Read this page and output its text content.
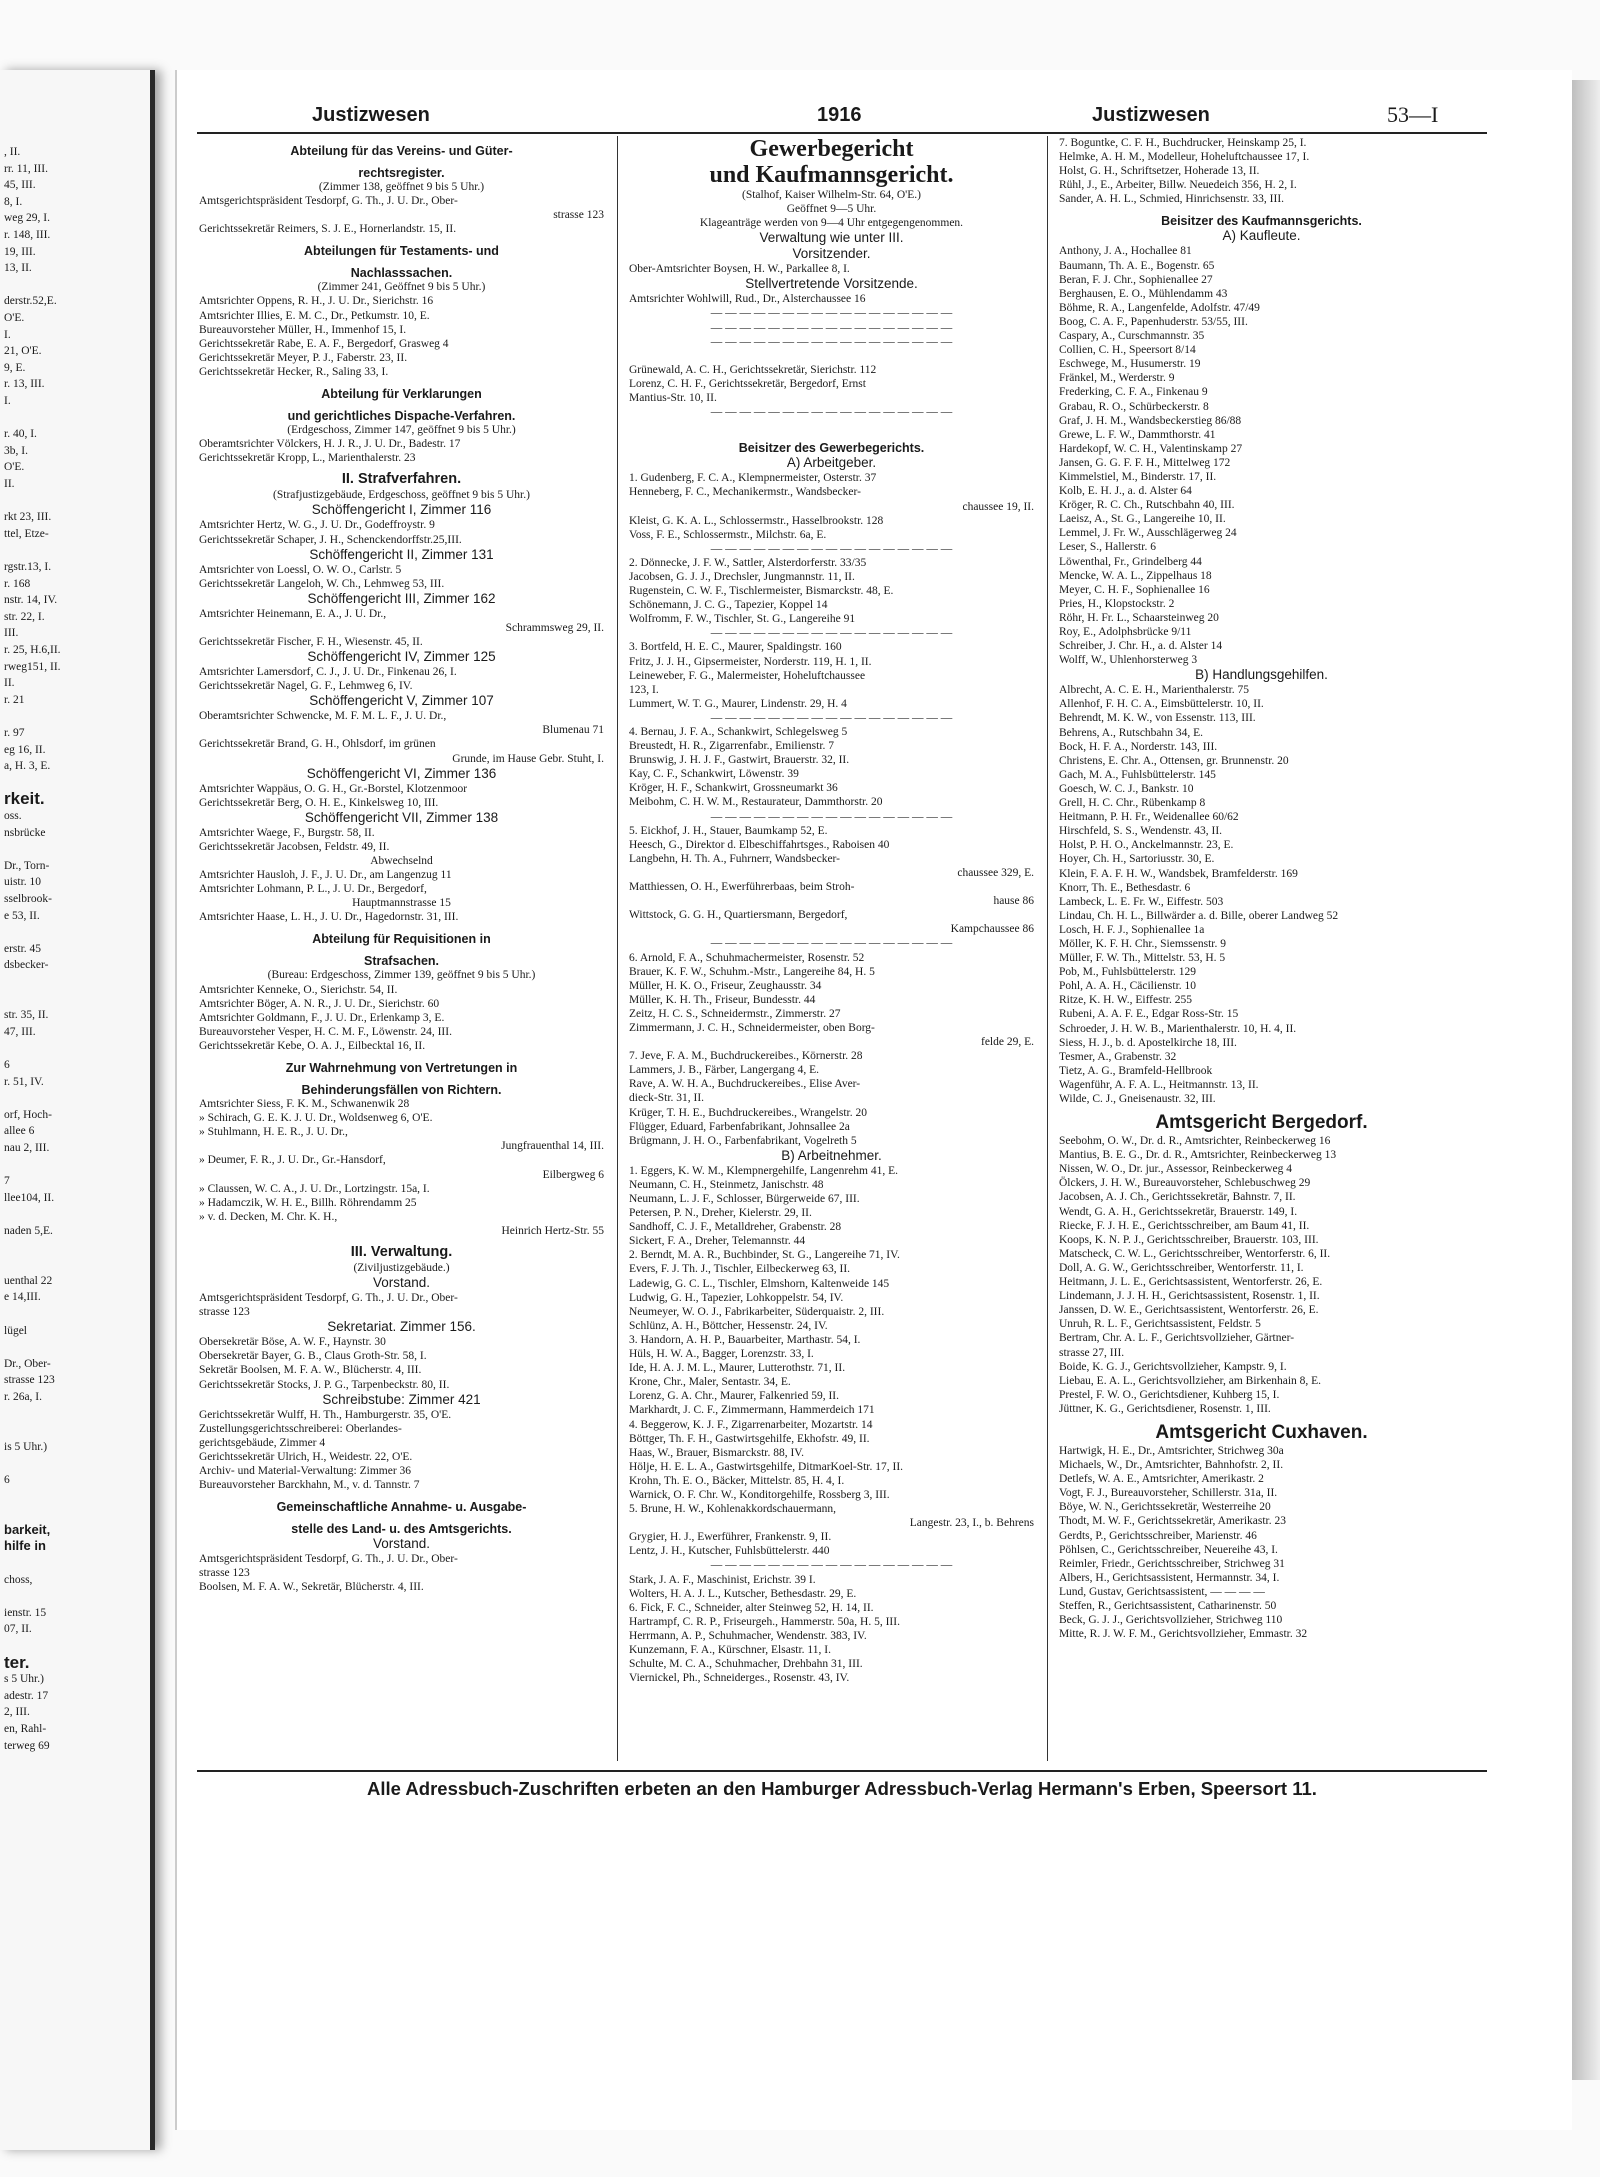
, II.
rr. 11, III.
45, III.
8, I.
weg 29, I.
r. 148, III.
19, III.
13, II.
derstr.52,E.
O'E.
I.
21, O'E.
9, E.
r. 13, III.
I.
r. 40, I.
3b, I.
O'E.
II.
rkt 23, III.
ttel, Etze-
rgstr.13, I.
r. 168
nstr. 14, IV.
str. 22, I.
III.
r. 25, H.6,II.
rweg151, II.
II.
r. 21
r. 97
eg 16, II.
a, H. 3, E.
rkeit.
oss.
nsbrücke
Dr., Torn-
uistr. 10
sselbrook-
e 53, II.
erstr. 45
dsbecker-
str. 35, II.
47, III.
6
r. 51, IV.
orf, Hoch-
allee 6
nau 2, III.
7
llee104, II.
naden 5,E.
uenthal 22
e 14,III.
lügel
Dr., Ober-
strasse 123
r. 26a, I.
is 5 Uhr.)
6
barkeit,
hilfe in
choss,
ienstr. 15
07, II.
ter.
s 5 Uhr.)
adestr. 17
2, III.
en, Rahl-
terweg 69
Justizwesen	1916	Justizwesen	53—I
Abteilung für das Vereins- und Güter-
rechtsregister.
(Zimmer 138, geöffnet 9 bis 5 Uhr.)
Amtsgerichtspräsident Tesdorpf, G. Th., J. U. Dr., Ober-
strasse 123
Gerichtssekretär Reimers, S. J. E., Hornerlandstr. 15, II.
Abteilungen für Testaments- und
Nachlasssachen.
(Zimmer 241, Geöffnet 9 bis 5 Uhr.)
Amtsrichter Oppens, R. H., J. U. Dr., Sierichstr. 16
Amtsrichter Illies, E. M. C., Dr., Petkumstr. 10, E.
Bureauvorsteher Müller, H., Immenhof 15, I.
Gerichtssekretär Rabe, E. A. F., Bergedorf, Grasweg 4
Gerichtssekretär Meyer, P. J., Faberstr. 23, II.
Gerichtssekretär Hecker, R., Saling 33, I.
Abteilung für Verklarungen
und gerichtliches Dispache-Verfahren.
(Erdgeschoss, Zimmer 147, geöffnet 9 bis 5 Uhr.)
Oberamtsrichter Völckers, H. J. R., J. U. Dr., Badestr. 17
Gerichtssekretär Kropp, L., Marienthalerstr. 23
II. Strafverfahren.
(Strafjustizgebäude, Erdgeschoss, geöffnet 9 bis 5 Uhr.)
Schöffengericht I, Zimmer 116
Amtsrichter Hertz, W. G., J. U. Dr., Godeffroystr. 9
Gerichtssekretär Schaper, J. H., Schenckendorffstr.25,III.
Schöffengericht II, Zimmer 131
Amtsrichter von Loessl, O. W. O., Carlstr. 5
Gerichtssekretär Langeloh, W. Ch., Lehmweg 53, III.
Schöffengericht III, Zimmer 162
Amtsrichter Heinemann, E. A., J. U. Dr.,
Schrammsweg 29, II.
Gerichtssekretär Fischer, F. H., Wiesenstr. 45, II.
Schöffengericht IV, Zimmer 125
Amtsrichter Lamersdorf, C. J., J. U. Dr., Finkenau 26, I.
Gerichtssekretär Nagel, G. F., Lehmweg 6, IV.
Schöffengericht V, Zimmer 107
Oberamtsrichter Schwencke, M. F. M. L. F., J. U. Dr.,
Blumenau 71
Gerichtssekretär Brand, G. H., Ohlsdorf, im grünen
Grunde, im Hause Gebr. Stuht, I.
Schöffengericht VI, Zimmer 136
Amtsrichter Wappäus, O. G. H., Gr.-Borstel, Klotzenmoor
Gerichtssekretär Berg, O. H. E., Kinkelsweg 10, III.
Schöffengericht VII, Zimmer 138
Amtsrichter Waege, F., Burgstr. 58, II.
Gerichtssekretär Jacobsen, Feldstr. 49, II.
Abwechselnd
Amtsrichter Hausloh, J. F., J. U. Dr., am Langenzug 11
Amtsrichter Lohmann, P. L., J. U. Dr., Bergedorf,
Hauptmannstrasse 15
Amtsrichter Haase, L. H., J. U. Dr., Hagedornstr. 31, III.
Abteilung für Requisitionen in
Strafsachen.
(Bureau: Erdgeschoss, Zimmer 139, geöffnet 9 bis 5 Uhr.)
Amtsrichter Kenneke, O., Sierichstr. 54, II.
Amtsrichter Böger, A. N. R., J. U. Dr., Sierichstr. 60
Amtsrichter Goldmann, F., J. U. Dr., Erlenkamp 3, E.
Bureauvorsteher Vesper, H. C. M. F., Löwenstr. 24, III.
Gerichtssekretär Kebe, O. A. J., Eilbecktal 16, II.
Zur Wahrnehmung von Vertretungen in
Behinderungsfällen von Richtern.
Amtsrichter Siess, F. K. M., Schwanenwik 28
» Schirach, G. E. K. J. U. Dr., Woldsenweg 6, O'E.
» Stuhlmann, H. E. R., J. U. Dr.,
Jungfrauenthal 14, III.
» Deumer, F. R., J. U. Dr., Gr.-Hansdorf,
Eilbergweg 6
» Claussen, W. C. A., J. U. Dr., Lortzingstr. 15a, I.
» Hadamczik, W. H. E., Billh. Röhrendamm 25
» v. d. Decken, M. Chr. K. H.,
Heinrich Hertz-Str. 55
III. Verwaltung.
(Ziviljustizgebäude.)
Vorstand.
Amtsgerichtspräsident Tesdorpf, G. Th., J. U. Dr., Ober-
strasse 123
Sekretariat. Zimmer 156.
Obersekretär Böse, A. W. F., Haynstr. 30
Obersekretär Bayer, G. B., Claus Groth-Str. 58, I.
Sekretär Boolsen, M. F. A. W., Blücherstr. 4, III.
Gerichtssekretär Stocks, J. P. G., Tarpenbeckstr. 80, II.
Schreibstube: Zimmer 421
Gerichtssekretär Wulff, H. Th., Hamburgerstr. 35, O'E.
Zustellungsgerichtsschreiberei: Oberlandes-
gerichtsgebäude, Zimmer 4
Gerichtssekretär Ulrich, H., Weidestr. 22, O'E.
Archiv- und Material-Verwaltung: Zimmer 36
Bureauvorsteher Barckhahn, M., v. d. Tannstr. 7
Gemeinschaftliche Annahme- u. Ausgabe-
stelle des Land- u. des Amtsgerichts.
Vorstand.
Amtsgerichtspräsident Tesdorpf, G. Th., J. U. Dr., Ober-
strasse 123
Boolsen, M. F. A. W., Sekretär, Blücherstr. 4, III.
Gewerbegericht
und Kaufmannsgericht.
(Stalhof, Kaiser Wilhelm-Str. 64, O'E.)
Geöffnet 9—5 Uhr.
Klageanträge werden von 9—4 Uhr entgegengenommen.
Verwaltung wie unter III.
Vorsitzender.
Ober-Amtsrichter Boysen, H. W., Parkallee 8, I.
Stellvertretende Vorsitzende.
Amtsrichter Wohlwill, Rud., Dr., Alsterchaussee 16
— — — — — — — — — — — — — — — — —
— — — — — — — — — — — — — — — — —
— — — — — — — — — — — — — — — — —

Grünewald, A. C. H., Gerichtssekretär, Sierichstr. 112
Lorenz, C. H. F., Gerichtssekretär, Bergedorf, Ernst
Mantius-Str. 10, II.
— — — — — — — — — — — — — — — — —

Beisitzer des Gewerbegerichts.
A) Arbeitgeber.
1. Gudenberg, F. C. A., Klempnermeister, Osterstr. 37
Henneberg, F. C., Mechanikermstr., Wandsbecker-
chaussee 19, II.
Kleist, G. K. A. L., Schlossermstr., Hasselbrookstr. 128
Voss, F. E., Schlossermstr., Milchstr. 6a, E.
— — — — — — — — — — — — — — — — —
2. Dönnecke, J. F. W., Sattler, Alsterdorferstr. 33/35
Jacobsen, G. J. J., Drechsler, Jungmannstr. 11, II.
Rugenstein, C. W. F., Tischlermeister, Bismarckstr. 48, E.
Schönemann, J. C. G., Tapezier, Koppel 14
Wolfromm, F. W., Tischler, St. G., Langereihe 91
— — — — — — — — — — — — — — — — —
3. Bortfeld, H. E. C., Maurer, Spaldingstr. 160
Fritz, J. J. H., Gipsermeister, Norderstr. 119, H. 1, II.
Leineweber, F. G., Malermeister, Hoheluftchaussee
123, I.
Lummert, W. T. G., Maurer, Lindenstr. 29, H. 4
— — — — — — — — — — — — — — — — —
4. Bernau, J. F. A., Schankwirt, Schlegelsweg 5
Breustedt, H. R., Zigarrenfabr., Emilienstr. 7
Brunswig, J. H. J. F., Gastwirt, Brauerstr. 32, II.
Kay, C. F., Schankwirt, Löwenstr. 39
Kröger, H. F., Schankwirt, Grossneumarkt 36
Meibohm, C. H. W. M., Restaurateur, Dammthorstr. 20
— — — — — — — — — — — — — — — — —
5. Eickhof, J. H., Stauer, Baumkamp 52, E.
Heesch, G., Direktor d. Elbeschiffahrtsges., Raboisen 40
Langbehn, H. Th. A., Fuhrnerr, Wandsbecker-
chaussee 329, E.
Matthiessen, O. H., Ewerführerbaas, beim Stroh-
hause 86
Wittstock, G. G. H., Quartiersmann, Bergedorf,
Kampchaussee 86
— — — — — — — — — — — — — — — — —
6. Arnold, F. A., Schuhmachermeister, Rosenstr. 52
Brauer, K. F. W., Schuhm.-Mstr., Langereihe 84, H. 5
Müller, H. K. O., Friseur, Zeughausstr. 34
Müller, K. H. Th., Friseur, Bundesstr. 44
Zeitz, H. C. S., Schneidermstr., Zimmerstr. 27
Zimmermann, J. C. H., Schneidermeister, oben Borg-
felde 29, E.
7. Jeve, F. A. M., Buchdruckereibes., Körnerstr. 28
Lammers, J. B., Färber, Langergang 4, E.
Rave, A. W. H. A., Buchdruckereibes., Elise Aver-
dieck-Str. 31, II.
Krüger, T. H. E., Buchdruckereibes., Wrangelstr. 20
Flügger, Eduard, Farbenfabrikant, Johnsallee 2a
Brügmann, J. H. O., Farbenfabrikant, Vogelreth 5
B) Arbeitnehmer.
1. Eggers, K. W. M., Klempnergehilfe, Langenrehm 41, E.
Neumann, C. H., Steinmetz, Janischstr. 48
Neumann, L. J. F., Schlosser, Bürgerweide 67, III.
Petersen, P. N., Dreher, Kielerstr. 29, II.
Sandhoff, C. J. F., Metalldreher, Grabenstr. 28
Sickert, F. A., Dreher, Telemannstr. 44
2. Berndt, M. A. R., Buchbinder, St. G., Langereihe 71, IV.
Evers, F. J. Th. J., Tischler, Eilbeckerweg 63, II.
Ladewig, G. C. L., Tischler, Elmshorn, Kaltenweide 145
Ludwig, G. H., Tapezier, Lohkoppelstr. 54, IV.
Neumeyer, W. O. J., Fabrikarbeiter, Süderquaistr. 2, III.
Schlünz, A. H., Böttcher, Hessenstr. 24, IV.
3. Handorn, A. H. P., Bauarbeiter, Marthastr. 54, I.
Hüls, H. W. A., Bagger, Lorenzstr. 33, I.
Ide, H. A. J. M. L., Maurer, Lutterothstr. 71, II.
Krone, Chr., Maler, Sentastr. 34, E.
Lorenz, G. A. Chr., Maurer, Falkenried 59, II.
Markhardt, J. C. F., Zimmermann, Hammerdeich 171
4. Beggerow, K. J. F., Zigarrenarbeiter, Mozartstr. 14
Böttger, Th. F. H., Gastwirtsgehilfe, Ekhofstr. 49, II.
Haas, W., Brauer, Bismarckstr. 88, IV.
Hölje, H. E. L. A., Gastwirtsgehilfe, DitmarKoel-Str. 17, II.
Krohn, Th. E. O., Bäcker, Mittelstr. 85, H. 4, I.
Warnick, O. F. Chr. W., Konditorgehilfe, Rossberg 3, III.
5. Brune, H. W., Kohlenakkordschauermann,
Langestr. 23, I., b. Behrens
Grygier, H. J., Ewerführer, Frankenstr. 9, II.
Lentz, J. H., Kutscher, Fuhlsbüttelerstr. 440
— — — — — — — — — — — — — — — — —
Stark, J. A. F., Maschinist, Erichstr. 39 I.
Wolters, H. A. J. L., Kutscher, Bethesdastr. 29, E.
6. Fick, F. C., Schneider, alter Steinweg 52, H. 14, II.
Hartrampf, C. R. P., Friseurgeh., Hammerstr. 50a, H. 5, III.
Herrmann, A. P., Schuhmacher, Wendenstr. 383, IV.
Kunzemann, F. A., Kürschner, Elsastr. 11, I.
Schulte, M. C. A., Schuhmacher, Drehbahn 31, III.
Viernickel, Ph., Schneiderges., Rosenstr. 43, IV.
7. Boguntke, C. F. H., Buchdrucker, Heinskamp 25, I.
Helmke, A. H. M., Modelleur, Hoheluftchaussee 17, I.
Holst, G. H., Schriftsetzer, Hoherade 13, II.
Rühl, J., E., Arbeiter, Billw. Neuedeich 356, H. 2, I.
Sander, A. H. L., Schmied, Hinrichsenstr. 33, III.
Beisitzer des Kaufmannsgerichts.
A) Kaufleute.
Anthony, J. A., Hochallee 81
Baumann, Th. A. E., Bogenstr. 65
Beran, F. J. Chr., Sophienallee 27
Berghausen, E. O., Mühlendamm 43
Böhme, R. A., Langenfelde, Adolfstr. 47/49
Boog, C. A. F., Papenhuderstr. 53/55, III.
Caspary, A., Curschmannstr. 35
Collien, C. H., Speersort 8/14
Eschwege, M., Husumerstr. 19
Fränkel, M., Werderstr. 9
Frederking, C. F. A., Finkenau 9
Grabau, R. O., Schürbeckerstr. 8
Graf, J. H. M., Wandsbeckerstieg 86/88
Grewe, L. F. W., Dammthorstr. 41
Hardekopf, W. C. H., Valentinskamp 27
Jansen, G. G. F. F. H., Mittelweg 172
Kimmelstiel, M., Binderstr. 17, II.
Kolb, E. H. J., a. d. Alster 64
Kröger, R. C. Ch., Rutschbahn 40, III.
Laeisz, A., St. G., Langereihe 10, II.
Lemmel, J. Fr. W., Ausschlägerweg 24
Leser, S., Hallerstr. 6
Löwenthal, Fr., Grindelberg 44
Mencke, W. A. L., Zippelhaus 18
Meyer, C. H. F., Sophienallee 16
Pries, H., Klopstockstr. 2
Röhr, H. Fr. L., Schaarsteinweg 20
Roy, E., Adolphsbrücke 9/11
Schreiber, J. Chr. H., a. d. Alster 14
Wolff, W., Uhlenhorsterweg 3
B) Handlungsgehilfen.
Albrecht, A. C. E. H., Marienthalerstr. 75
Allenhof, F. H. C. A., Eimsbüttelerstr. 10, II.
Behrendt, M. K. W., von Essenstr. 113, III.
Behrens, A., Rutschbahn 34, E.
Bock, H. F. A., Norderstr. 143, III.
Christens, E. Chr. A., Ottensen, gr. Brunnenstr. 20
Gach, M. A., Fuhlsbüttelerstr. 145
Goesch, W. C. J., Bankstr. 10
Grell, H. C. Chr., Rübenkamp 8
Heitmann, P. H. Fr., Weidenallee 60/62
Hirschfeld, S. S., Wendenstr. 43, II.
Holst, P. H. O., Anckelmannstr. 23, E.
Hoyer, Ch. H., Sartoriusstr. 30, E.
Klein, F. A. F. H. W., Wandsbek, Bramfelderstr. 169
Knorr, Th. E., Bethesdastr. 6
Lambeck, L. E. Fr. W., Eiffestr. 503
Lindau, Ch. H. L., Billwärder a. d. Bille, oberer Landweg 52
Losch, H. F. J., Sophienallee 1a
Möller, K. F. H. Chr., Siemssenstr. 9
Müller, F. W. Th., Mittelstr. 53, H. 5
Pob, M., Fuhlsbüttelerstr. 129
Pohl, A. A. H., Cäcilienstr. 10
Ritze, K. H. W., Eiffestr. 255
Rubeni, A. A. F. E., Edgar Ross-Str. 15
Schroeder, J. H. W. B., Marienthalerstr. 10, H. 4, II.
Siess, H. J., b. d. Apostelkirche 18, III.
Tesmer, A., Grabenstr. 32
Tietz, A. G., Bramfeld-Hellbrook
Wagenführ, A. F. A. L., Heitmannstr. 13, II.
Wilde, C. J., Gneisenaustr. 32, III.
Amtsgericht Bergedorf.
Seebohm, O. W., Dr. d. R., Amtsrichter, Reinbeckerweg 16
Mantius, B. E. G., Dr. d. R., Amtsrichter, Reinbeckerweg 13
Nissen, W. O., Dr. jur., Assessor, Reinbeckerweg 4
Ölckers, J. H. W., Bureauvorsteher, Schlebuschweg 29
Jacobsen, A. J. Ch., Gerichtssekretär, Bahnstr. 7, II.
Wendt, G. A. H., Gerichtssekretär, Brauerstr. 149, I.
Riecke, F. J. H. E., Gerichtsschreiber, am Baum 41, II.
Koops, K. N. P. J., Gerichtsschreiber, Brauerstr. 103, III.
Matscheck, C. W. L., Gerichtsschreiber, Wentorferstr. 6, II.
Doll, A. G. W., Gerichtsschreiber, Wentorferstr. 11, I.
Heitmann, J. L. E., Gerichtsassistent, Wentorferstr. 26, E.
Lindemann, J. J. H. H., Gerichtsassistent, Rosenstr. 1, II.
Janssen, D. W. E., Gerichtsassistent, Wentorferstr. 26, E.
Unruh, R. L. F., Gerichtsassistent, Feldstr. 5
Bertram, Chr. A. L. F., Gerichtsvollzieher, Gärtner-
strasse 27, III.
Boide, K. G. J., Gerichtsvollzieher, Kampstr. 9, I.
Liebau, E. A. L., Gerichtsvollzieher, am Birkenhain 8, E.
Prestel, F. W. O., Gerichtsdiener, Kuhberg 15, I.
Jüttner, K. G., Gerichtsdiener, Rosenstr. 1, III.
Amtsgericht Cuxhaven.
Hartwigk, H. E., Dr., Amtsrichter, Strichweg 30a
Michaels, W., Dr., Amtsrichter, Bahnhofstr. 2, II.
Detlefs, W. A. E., Amtsrichter, Amerikastr. 2
Vogt, F. J., Bureauvorsteher, Schillerstr. 31a, II.
Böye, W. N., Gerichtssekretär, Westerreihe 20
Thodt, M. W. F., Gerichtssekretär, Amerikastr. 23
Gerdts, P., Gerichtsschreiber, Marienstr. 46
Pöhlsen, C., Gerichtsschreiber, Neuereihe 43, I.
Reimler, Friedr., Gerichtsschreiber, Strichweg 31
Albers, H., Gerichtsassistent, Hermannstr. 34, I.
Lund, Gustav, Gerichtsassistent, — — — —
Steffen, R., Gerichtsassistent, Catharinenstr. 50
Beck, G. J. J., Gerichtsvollzieher, Strichweg 110
Mitte, R. J. W. F. M., Gerichtsvollzieher, Emmastr. 32
Alle Adressbuch-Zuschriften erbeten an den Hamburger Adressbuch-Verlag Hermann's Erben, Speersort 11.
